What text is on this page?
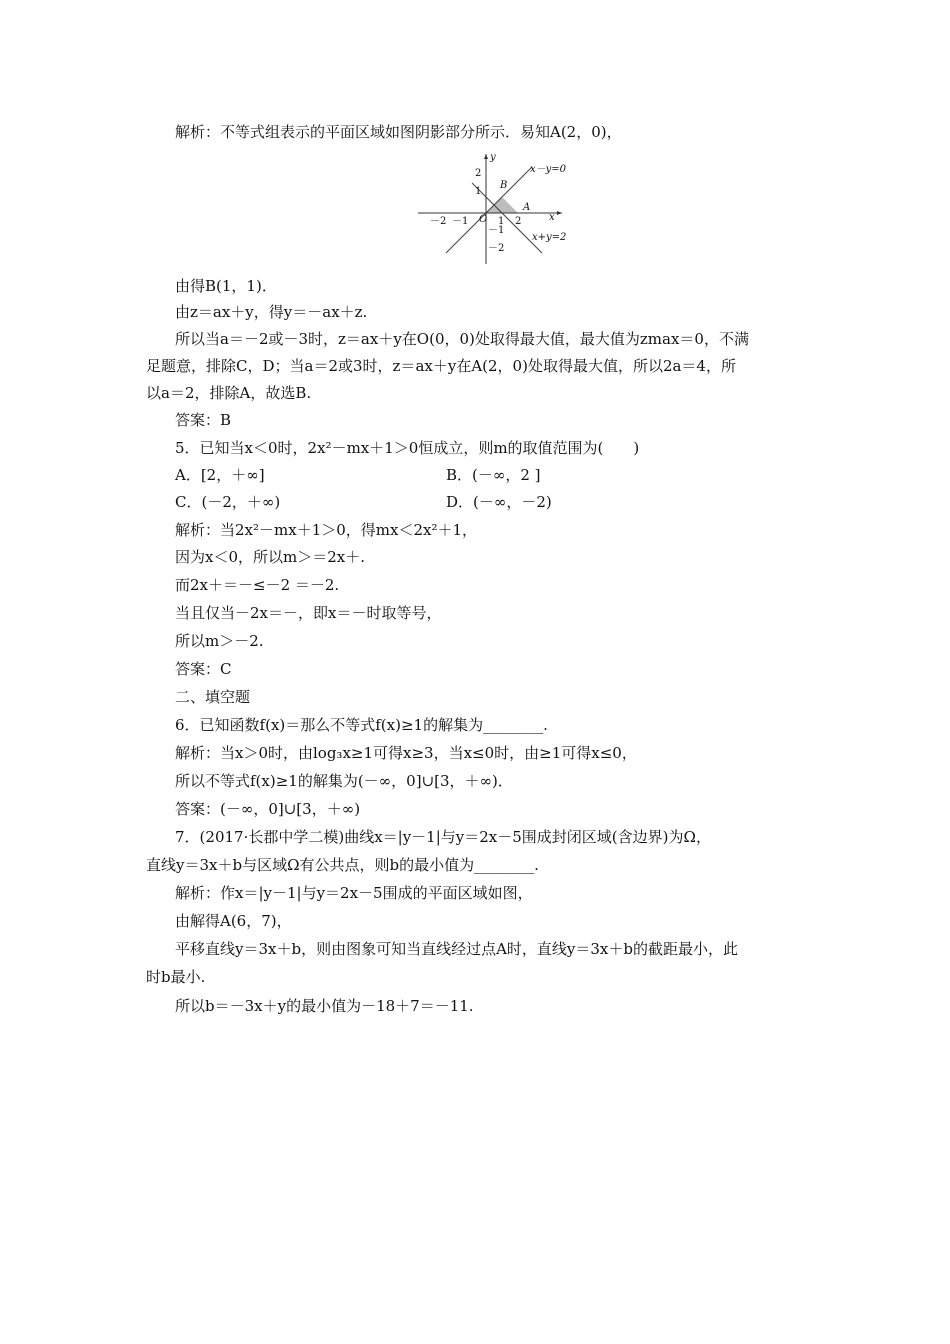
解析：不等式组表示的平面区域如图阴影部分所示．易知A(2，0)，
y
x
x－y=0
x+y=2
B
A
O
2
1
－1
－2
－2 －1	1 2
由得B(1，1)．
由z＝ax＋y，得y＝－ax＋z.
所以当a＝－2或－3时，z＝ax＋y在O(0，0)处取得最大值，最大值为zmax＝0，不满
足题意，排除C，D；当a＝2或3时，z＝ax＋y在A(2，0)处取得最大值，所以2a＝4，所
以a＝2，排除A，故选B.
答案：B
5．已知当x＜0时，2x²－mx＋1＞0恒成立，则m的取值范围为(　　)
A．[2，＋∞]	B．(－∞，2 ]
C．(－2，＋∞)	D．(－∞，－2)
解析：当2x²－mx＋1＞0，得mx＜2x²＋1，
因为x＜0，所以m＞＝2x＋.
而2x＋＝－≤－2 ＝－2.
当且仅当－2x＝－，即x＝－时取等号，
所以m＞－2.
答案：C
二、填空题
6．已知函数f(x)＝那么不等式f(x)≥1的解集为________.
解析：当x＞0时，由log₃x≥1可得x≥3，当x≤0时，由≥1可得x≤0，
所以不等式f(x)≥1的解集为(－∞，0]∪[3，＋∞)．
答案：(－∞，0]∪[3，＋∞)
7．(2017·长郡中学二模)曲线x＝|y－1|与y＝2x－5围成封闭区域(含边界)为Ω，
直线y＝3x＋b与区域Ω有公共点，则b的最小值为________.
解析：作x＝|y－1|与y＝2x－5围成的平面区域如图，
由解得A(6，7)，
平移直线y＝3x＋b，则由图象可知当直线经过点A时，直线y＝3x＋b的截距最小，此
时b最小.
所以b＝－3x＋y的最小值为－18＋7＝－11.
